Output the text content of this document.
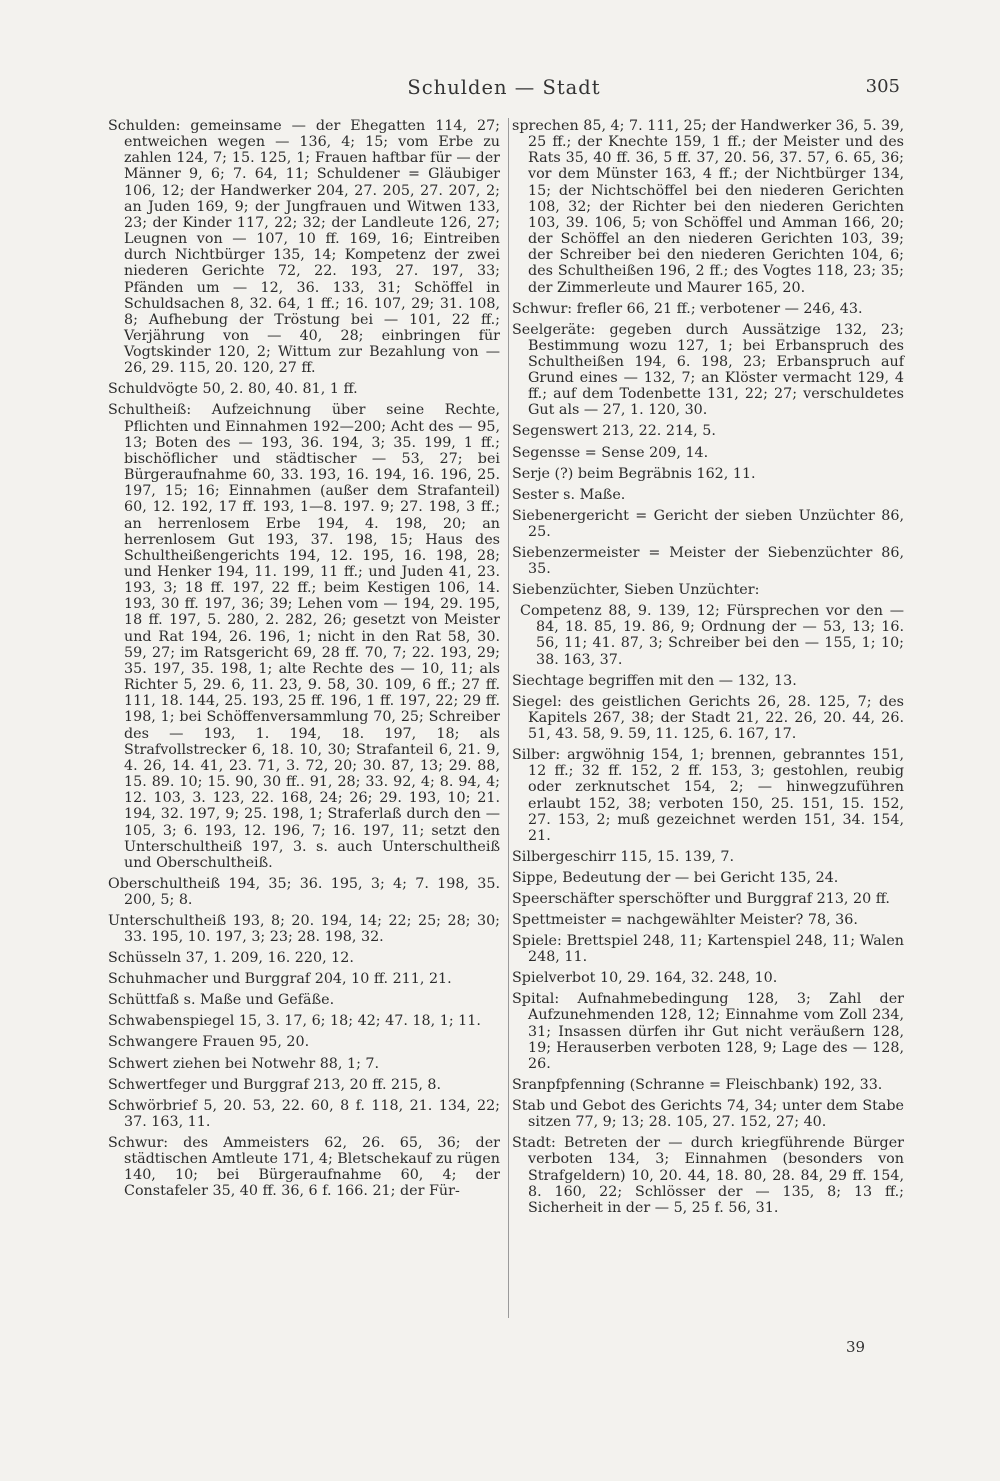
Schulden — Stadt	305

Schulden: gemeinsame — der Ehegatten 114, 27; entweichen wegen — 136, 4; 15; vom Erbe zu zahlen 124, 7; 15. 125, 1; Frauen haftbar für — der Männer 9, 6; 7. 64, 11; Schuldener = Gläubiger 106, 12; der Handwerker 204, 27. 205, 27. 207, 2; an Juden 169, 9; der Jungfrauen und Witwen 133, 23; der Kinder 117, 22; 32; der Landleute 126, 27; Leugnen von — 107, 10 ff. 169, 16; Eintreiben durch Nichtbürger 135, 14; Kompetenz der zwei niederen Gerichte 72, 22. 193, 27. 197, 33; Pfänden um — 12, 36. 133, 31; Schöffel in Schuldsachen 8, 32. 64, 1 ff.; 16. 107, 29; 31. 108, 8; Aufhebung der Tröstung bei — 101, 22 ff.; Verjährung von — 40, 28; einbringen für Vogtskinder 120, 2; Wittum zur Bezahlung von — 26, 29. 115, 20. 120, 27 ff.

Schuldvögte 50, 2. 80, 40. 81, 1 ff.

Schultheiß: Aufzeichnung über seine Rechte, Pflichten und Einnahmen 192—200; Acht des — 95, 13; Boten des — 193, 36. 194, 3; 35. 199, 1 ff.; bischöflicher und städtischer — 53, 27; bei Bürgeraufnahme 60, 33. 193, 16. 194, 16. 196, 25. 197, 15; 16; Einnahmen (außer dem Strafanteil) 60, 12. 192, 17 ff. 193, 1—8. 197. 9; 27. 198, 3 ff.; an herrenlosem Erbe 194, 4. 198, 20; an herrenlosem Gut 193, 37. 198, 15; Haus des Schultheißengerichts 194, 12. 195, 16. 198, 28; und Henker 194, 11. 199, 11 ff.; und Juden 41, 23. 193, 3; 18 ff. 197, 22 ff.; beim Kestigen 106, 14. 193, 30 ff. 197, 36; 39; Lehen vom — 194, 29. 195, 18 ff. 197, 5. 280, 2. 282, 26; gesetzt von Meister und Rat 194, 26. 196, 1; nicht in den Rat 58, 30. 59, 27; im Ratsgericht 69, 28 ff. 70, 7; 22. 193, 29; 35. 197, 35. 198, 1; alte Rechte des — 10, 11; als Richter 5, 29. 6, 11. 23, 9. 58, 30. 109, 6 ff.; 27 ff. 111, 18. 144, 25. 193, 25 ff. 196, 1 ff. 197, 22; 29 ff. 198, 1; bei Schöffenversammlung 70, 25; Schreiber des — 193, 1. 194, 18. 197, 18; als Strafvollstrecker 6, 18. 10, 30; Strafanteil 6, 21. 9, 4. 26, 14. 41, 23. 71, 3. 72, 20; 30. 87, 13; 29. 88, 15. 89. 10; 15. 90, 30 ff.. 91, 28; 33. 92, 4; 8. 94, 4; 12. 103, 3. 123, 22. 168, 24; 26; 29. 193, 10; 21. 194, 32. 197, 9; 25. 198, 1; Straferlaß durch den — 105, 3; 6. 193, 12. 196, 7; 16. 197, 11; setzt den Unterschultheiß 197, 3. s. auch Unterschultheiß und Oberschultheiß.

Oberschultheiß 194, 35; 36. 195, 3; 4; 7. 198, 35. 200, 5; 8.

Unterschultheiß 193, 8; 20. 194, 14; 22; 25; 28; 30; 33. 195, 10. 197, 3; 23; 28. 198, 32.

Schüsseln 37, 1. 209, 16. 220, 12.

Schuhmacher und Burggraf 204, 10 ff. 211, 21.

Schüttfaß s. Maße und Gefäße.

Schwabenspiegel 15, 3. 17, 6; 18; 42; 47. 18, 1; 11.

Schwangere Frauen 95, 20.

Schwert ziehen bei Notwehr 88, 1; 7.

Schwertfeger und Burggraf 213, 20 ff. 215, 8.

Schwörbrief 5, 20. 53, 22. 60, 8 f. 118, 21. 134, 22; 37. 163, 11.

Schwur: des Ammeisters 62, 26. 65, 36; der städtischen Amtleute 171, 4; Bletschekauf zu rügen 140, 10; bei Bürgeraufnahme 60, 4; der Constafeler 35, 40 ff. 36, 6 f. 166. 21; der Für-

sprechen 85, 4; 7. 111, 25; der Handwerker 36, 5. 39, 25 ff.; der Knechte 159, 1 ff.; der Meister und des Rats 35, 40 ff. 36, 5 ff. 37, 20. 56, 37. 57, 6. 65, 36; vor dem Münster 163, 4 ff.; der Nichtbürger 134, 15; der Nichtschöffel bei den niederen Gerichten 108, 32; der Richter bei den niederen Gerichten 103, 39. 106, 5; von Schöffel und Amman 166, 20; der Schöffel an den niederen Gerichten 103, 39; der Schreiber bei den niederen Gerichten 104, 6; des Schultheißen 196, 2 ff.; des Vogtes 118, 23; 35; der Zimmerleute und Maurer 165, 20.

Schwur: frefler 66, 21 ff.; verbotener — 246, 43.

Seelgeräte: gegeben durch Aussätzige 132, 23; Bestimmung wozu 127, 1; bei Erbanspruch des Schultheißen 194, 6. 198, 23; Erbanspruch auf Grund eines — 132, 7; an Klöster vermacht 129, 4 ff.; auf dem Todenbette 131, 22; 27; verschuldetes Gut als — 27, 1. 120, 30.

Segenswert 213, 22. 214, 5.

Segensse = Sense 209, 14.

Serje (?) beim Begräbnis 162, 11.

Sester s. Maße.

Siebenergericht = Gericht der sieben Unzüchter 86, 25.

Siebenzermeister = Meister der Siebenzüchter 86, 35.

Siebenzüchter, Sieben Unzüchter:

Competenz 88, 9. 139, 12; Fürsprechen vor den — 84, 18. 85, 19. 86, 9; Ordnung der — 53, 13; 16. 56, 11; 41. 87, 3; Schreiber bei den — 155, 1; 10; 38. 163, 37.

Siechtage begriffen mit den — 132, 13.

Siegel: des geistlichen Gerichts 26, 28. 125, 7; des Kapitels 267, 38; der Stadt 21, 22. 26, 20. 44, 26. 51, 43. 58, 9. 59, 11. 125, 6. 167, 17.

Silber: argwöhnig 154, 1; brennen, gebranntes 151, 12 ff.; 32 ff. 152, 2 ff. 153, 3; gestohlen, reubig oder zerknutschet 154, 2; — hinwegzuführen erlaubt 152, 38; verboten 150, 25. 151, 15. 152, 27. 153, 2; muß gezeichnet werden 151, 34. 154, 21.

Silbergeschirr 115, 15. 139, 7.

Sippe, Bedeutung der — bei Gericht 135, 24.

Speerschäfter sperschöfter und Burggraf 213, 20 ff.

Spettmeister = nachgewählter Meister? 78, 36.

Spiele: Brettspiel 248, 11; Kartenspiel 248, 11; Walen 248, 11.

Spielverbot 10, 29. 164, 32. 248, 10.

Spital: Aufnahmebedingung 128, 3; Zahl der Aufzunehmenden 128, 12; Einnahme vom Zoll 234, 31; Insassen dürfen ihr Gut nicht veräußern 128, 19; Herauserben verboten 128, 9; Lage des — 128, 26.

Sranpfpfenning (Schranne = Fleischbank) 192, 33.

Stab und Gebot des Gerichts 74, 34; unter dem Stabe sitzen 77, 9; 13; 28. 105, 27. 152, 27; 40.

Stadt: Betreten der — durch kriegführende Bürger verboten 134, 3; Einnahmen (besonders von Strafgeldern) 10, 20. 44, 18. 80, 28. 84, 29 ff. 154, 8. 160, 22; Schlösser der — 135, 8; 13 ff.; Sicherheit in der — 5, 25 f. 56, 31.

39
